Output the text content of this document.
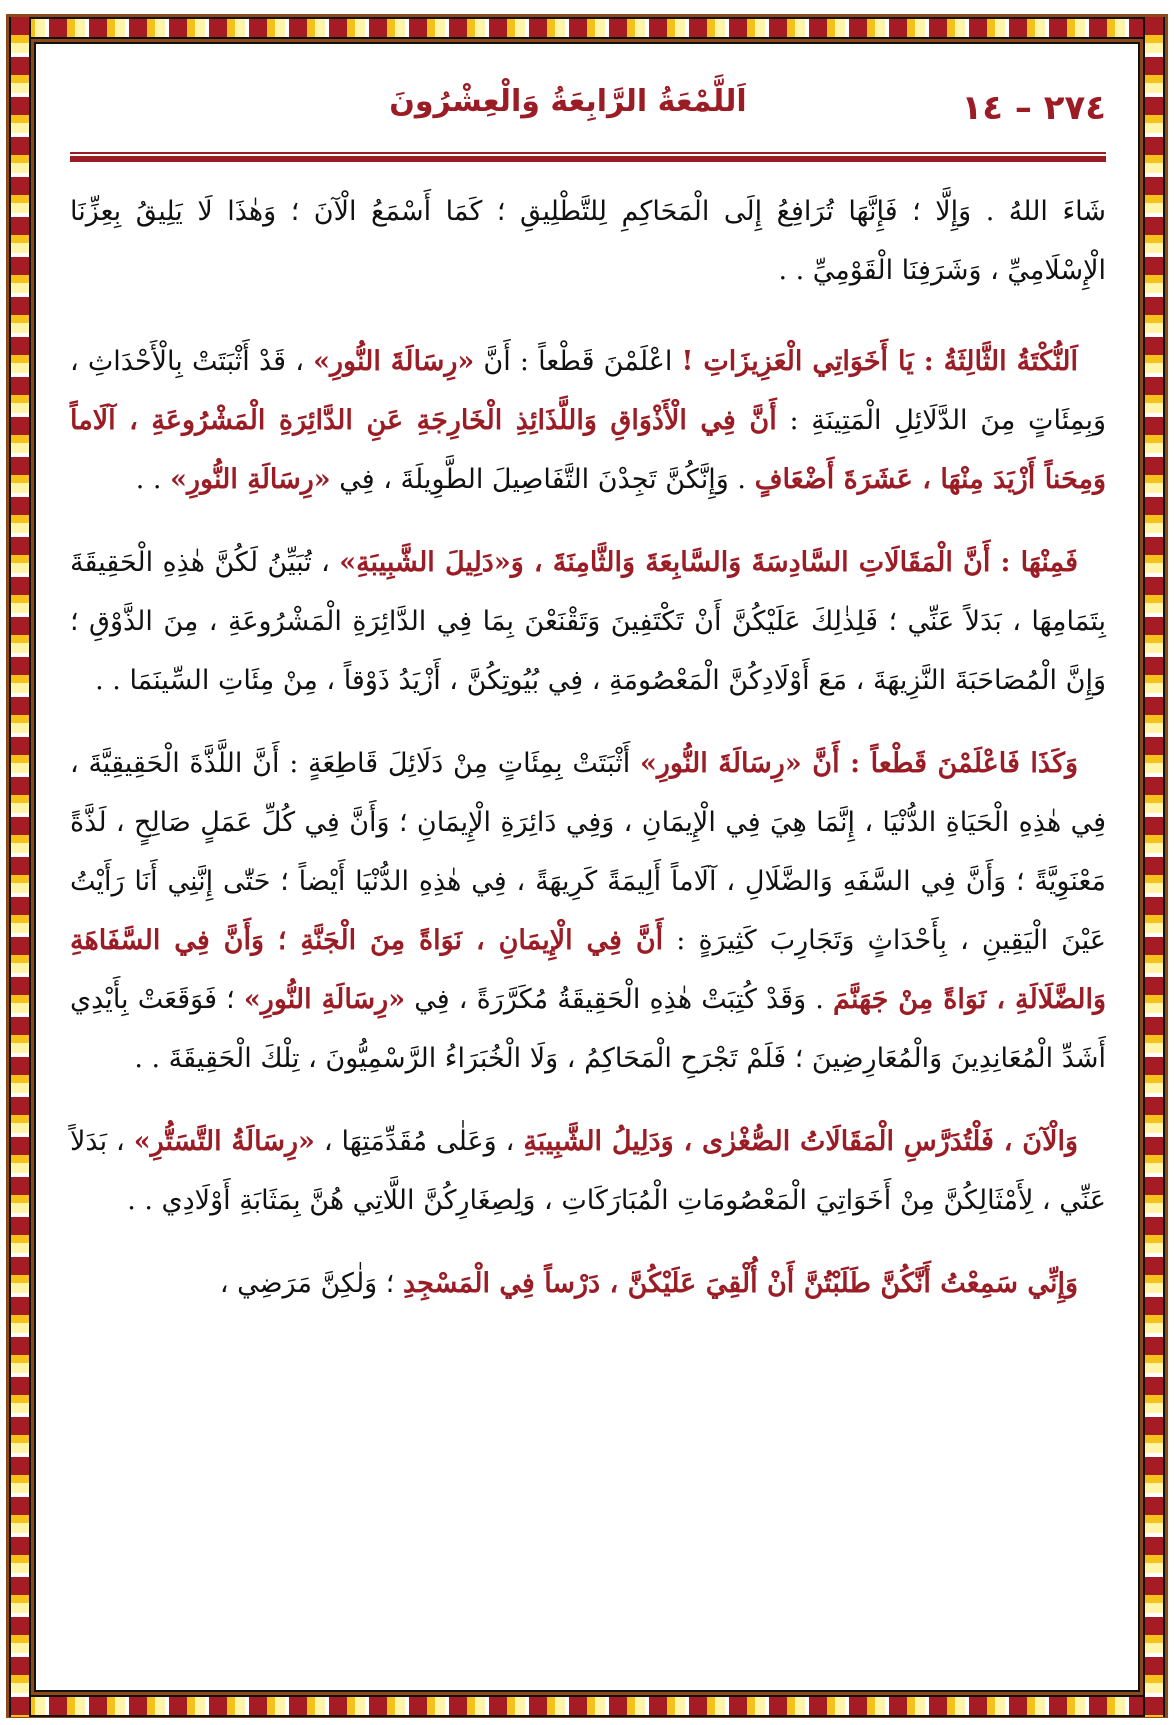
٢٧٤ – ١٤
اَللَّمْعَةُ الرَّابِعَةُ وَالْعِشْرُونَ

شَاءَ اللهُ . وَإِلَّا ؛ فَإِنَّهَا تُرَافِعُ إِلَى الْمَحَاكِمِ لِلتَّطْلِيقِ ؛ كَمَا أَسْمَعُ الْآنَ ؛ وَهٰذَا لَا يَلِيقُ بِعِزِّنَا الْإِسْلَامِيِّ ، وَشَرَفِنَا الْقَوْمِيِّ . .

اَلنُّكْتَةُ الثَّالِثَةُ : يَا أَخَوَاتِي الْعَزِيزَاتِ ! اعْلَمْنَ قَطْعاً : أَنَّ «رِسَالَةَ النُّورِ» ، قَدْ أَثْبَتَتْ بِالْأَحْدَاثِ ، وَبِمِئَاتٍ مِنَ الدَّلَائِلِ الْمَتِينَةِ : أَنَّ فِي الْأَذْوَاقِ وَاللَّذَائِذِ الْخَارِجَةِ عَنِ الدَّائِرَةِ الْمَشْرُوعَةِ ، آلَاماً وَمِحَناً أَزْيَدَ مِنْهَا ، عَشَرَةَ أَضْعَافٍ . وَإِنَّكُنَّ تَجِدْنَ التَّفَاصِيلَ الطَّوِيلَةَ ، فِي «رِسَالَةِ النُّورِ» . .

فَمِنْهَا : أَنَّ الْمَقَالَاتِ السَّادِسَةَ وَالسَّابِعَةَ وَالثَّامِنَةَ ، وَ«دَلِيلَ الشَّبِيبَةِ» ، تُبَيِّنُ لَكُنَّ هٰذِهِ الْحَقِيقَةَ بِتَمَامِهَا ، بَدَلاً عَنِّي ؛ فَلِذٰلِكَ عَلَيْكُنَّ أَنْ تَكْتَفِينَ وَتَقْنَعْنَ بِمَا فِي الدَّائِرَةِ الْمَشْرُوعَةِ ، مِنَ الذَّوْقِ ؛ وَإِنَّ الْمُصَاحَبَةَ النَّزِيهَةَ ، مَعَ أَوْلَادِكُنَّ الْمَعْصُومَةِ ، فِي بُيُوتِكُنَّ ، أَزْيَدُ ذَوْقاً ، مِنْ مِئَاتِ السِّينَمَا . .

وَكَذَا فَاعْلَمْنَ قَطْعاً : أَنَّ «رِسَالَةَ النُّورِ» أَثْبَتَتْ بِمِئَاتٍ مِنْ دَلَائِلَ قَاطِعَةٍ : أَنَّ اللَّذَّةَ الْحَقِيقِيَّةَ ، فِي هٰذِهِ الْحَيَاةِ الدُّنْيَا ، إِنَّمَا هِيَ فِي الْإِيمَانِ ، وَفِي دَائِرَةِ الْإِيمَانِ ؛ وَأَنَّ فِي كُلِّ عَمَلٍ صَالِحٍ ، لَذَّةً مَعْنَوِيَّةً ؛ وَأَنَّ فِي السَّفَهِ وَالضَّلَالِ ، آلَاماً أَلِيمَةً كَرِيهَةً ، فِي هٰذِهِ الدُّنْيَا أَيْضاً ؛ حَتّٰى إِنَّنِي أَنَا رَأَيْتُ عَيْنَ الْيَقِينِ ، بِأَحْدَاثٍ وَتَجَارِبَ كَثِيرَةٍ : أَنَّ فِي الْإِيمَانِ ، نَوَاةً مِنَ الْجَنَّةِ ؛ وَأَنَّ فِي السَّفَاهَةِ وَالضَّلَالَةِ ، نَوَاةً مِنْ جَهَنَّمَ . وَقَدْ كُتِبَتْ هٰذِهِ الْحَقِيقَةُ مُكَرَّرَةً ، فِي «رِسَالَةِ النُّورِ» ؛ فَوَقَعَتْ بِأَيْدِي أَشَدِّ الْمُعَانِدِينَ وَالْمُعَارِضِينَ ؛ فَلَمْ تَجْرَحِ الْمَحَاكِمُ ، وَلَا الْخُبَرَاءُ الرَّسْمِيُّونَ ، تِلْكَ الْحَقِيقَةَ . .

وَالْآنَ ، فَلْتُدَرَّسِ الْمَقَالَاتُ الصُّغْرٰى ، وَدَلِيلُ الشَّبِيبَةِ ، وَعَلٰى مُقَدِّمَتِهَا ، «رِسَالَةُ التَّسَتُّرِ» ، بَدَلاً عَنِّي ، لِأَمْثَالِكُنَّ مِنْ أَخَوَاتِيَ الْمَعْصُومَاتِ الْمُبَارَكَاتِ ، وَلِصِغَارِكُنَّ اللَّاتِي هُنَّ بِمَثَابَةِ أَوْلَادِي . .

وَإِنِّي سَمِعْتُ أَنَّكُنَّ طَلَبْتُنَّ أَنْ أُلْقِيَ عَلَيْكُنَّ ، دَرْساً فِي الْمَسْجِدِ ؛ وَلٰكِنَّ مَرَضِي ،
